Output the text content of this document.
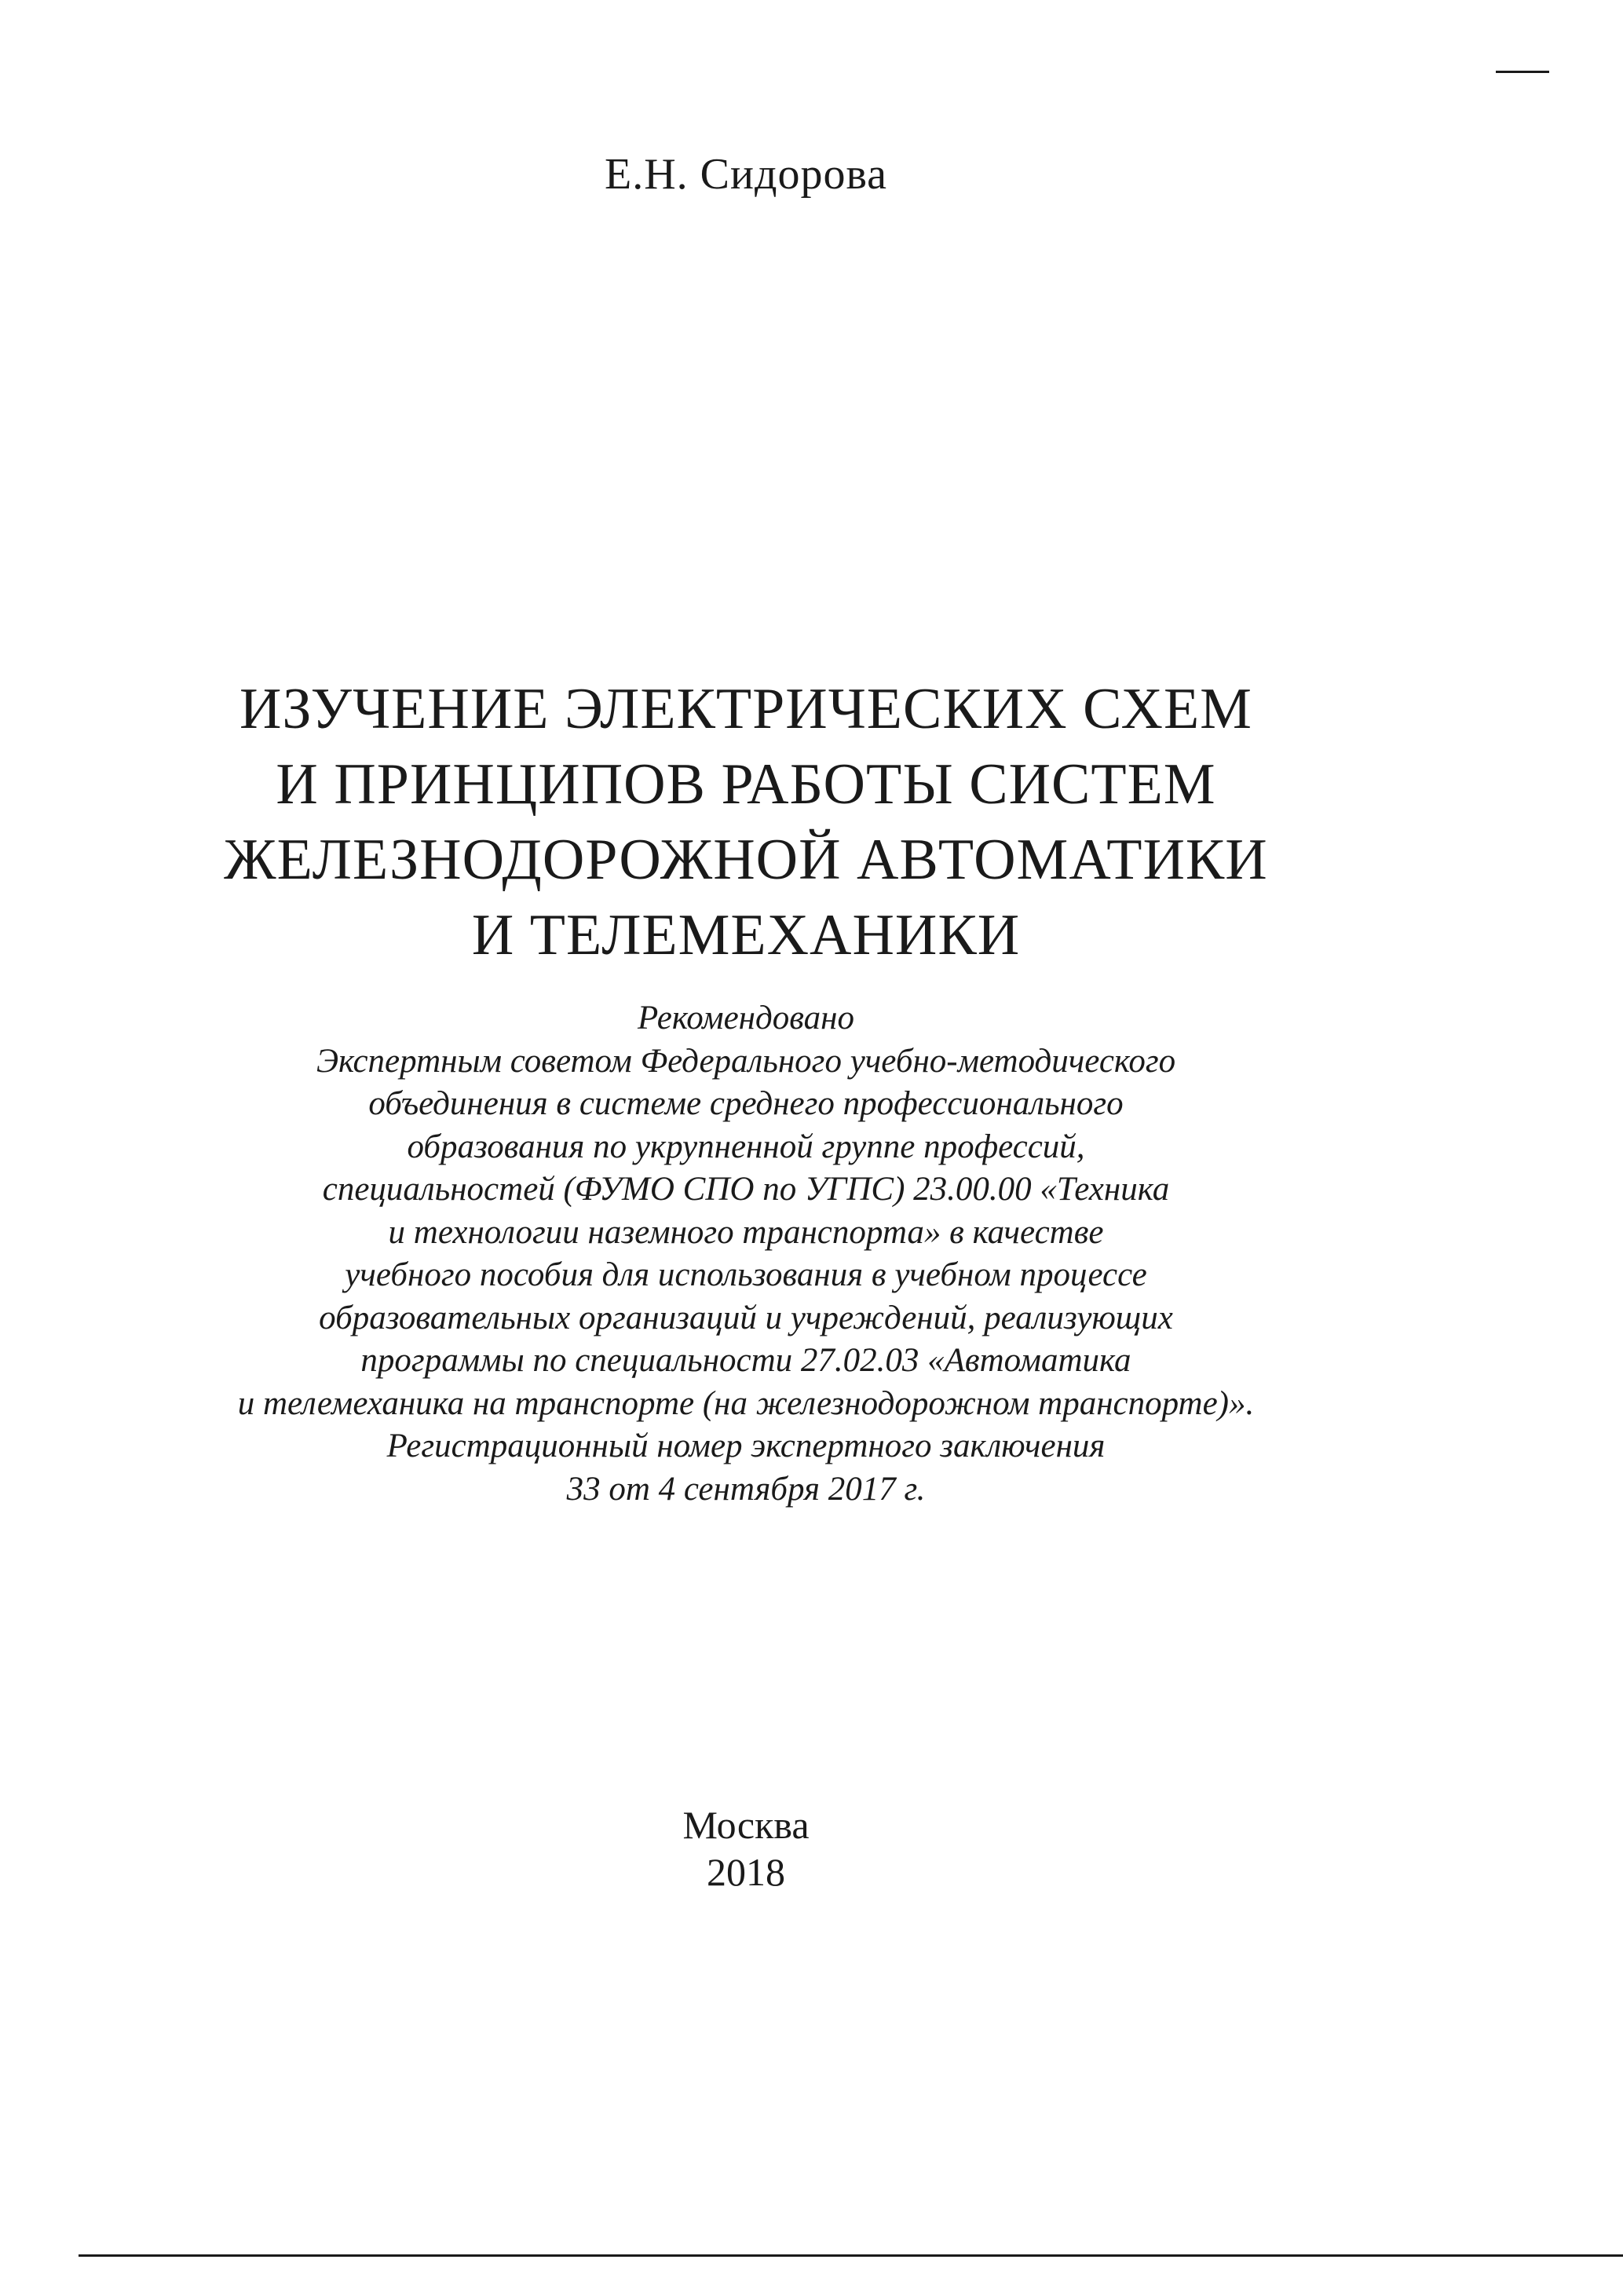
Е.Н. Сидорова
ИЗУЧЕНИЕ ЭЛЕКТРИЧЕСКИХ СХЕМ
И ПРИНЦИПОВ РАБОТЫ СИСТЕМ
ЖЕЛЕЗНОДОРОЖНОЙ АВТОМАТИКИ
И ТЕЛЕМЕХАНИКИ
Рекомендовано
Экспертным советом Федерального учебно-методического
объединения в системе среднего профессионального
образования по укрупненной группе профессий,
специальностей (ФУМО СПО по УГПС) 23.00.00 «Техника
и технологии наземного транспорта» в качестве
учебного пособия для использования в учебном процессе
образовательных организаций и учреждений, реализующих
программы по специальности 27.02.03 «Автоматика
и телемеханика на транспорте (на железнодорожном транспорте)».
Регистрационный номер экспертного заключения
33 от 4 сентября 2017 г.
Москва
2018
